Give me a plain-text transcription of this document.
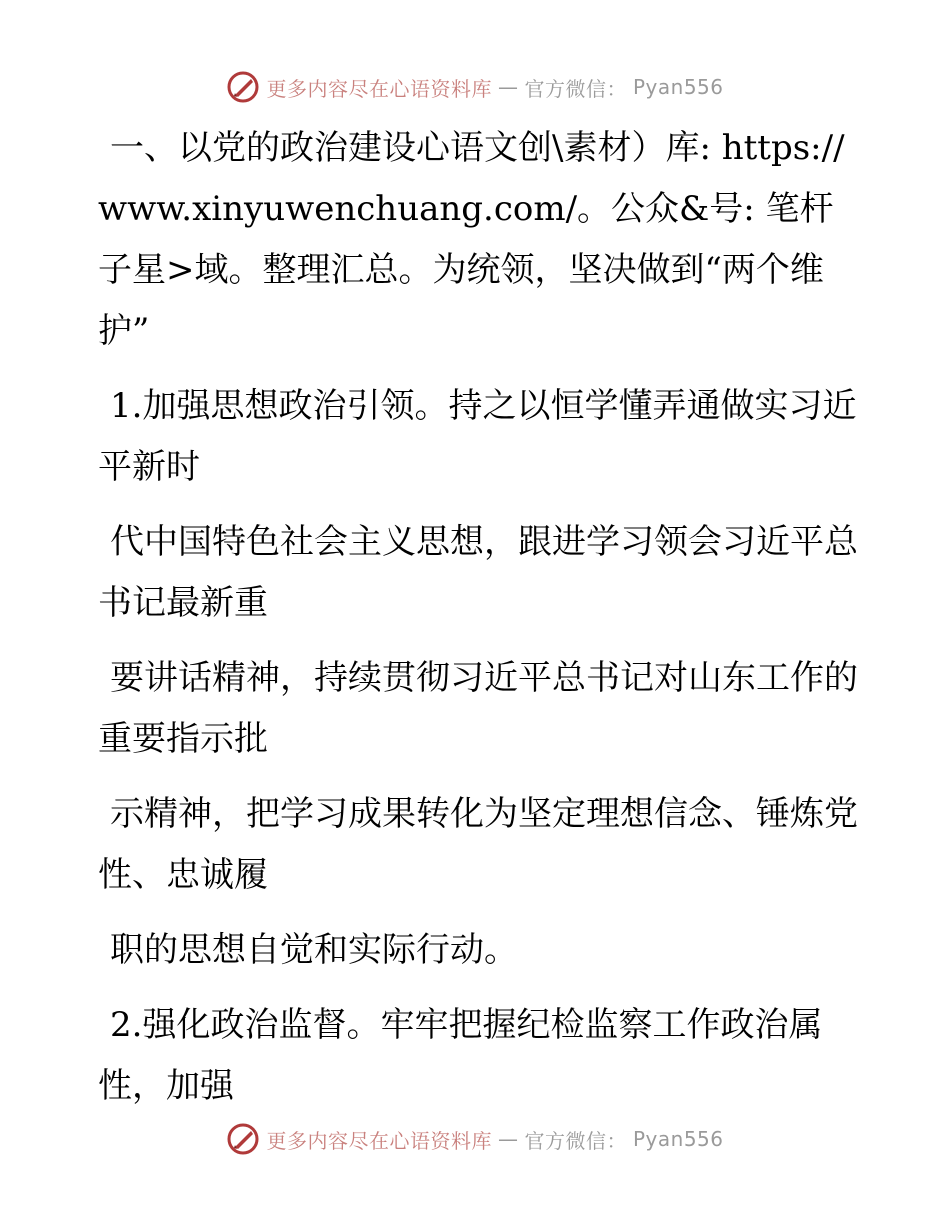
更多内容尽在心语资料库 — 官方微信： Pyan556

一、以党的政治建设心语文创\素材）库: https://www.xinyuwenchuang.com/。公众&号: 笔杆子星>域。整理汇总。为统领，坚决做到“两个维护”

1.加强思想政治引领。持之以恒学懂弄通做实习近平新时

代中国特色社会主义思想，跟进学习领会习近平总书记最新重

要讲话精神，持续贯彻习近平总书记对山东工作的重要指示批

示精神，把学习成果转化为坚定理想信念、锤炼党性、忠诚履

职的思想自觉和实际行动。

2.强化政治监督。牢牢把握纪检监察工作政治属性，加强

更多内容尽在心语资料库 — 官方微信： Pyan556
